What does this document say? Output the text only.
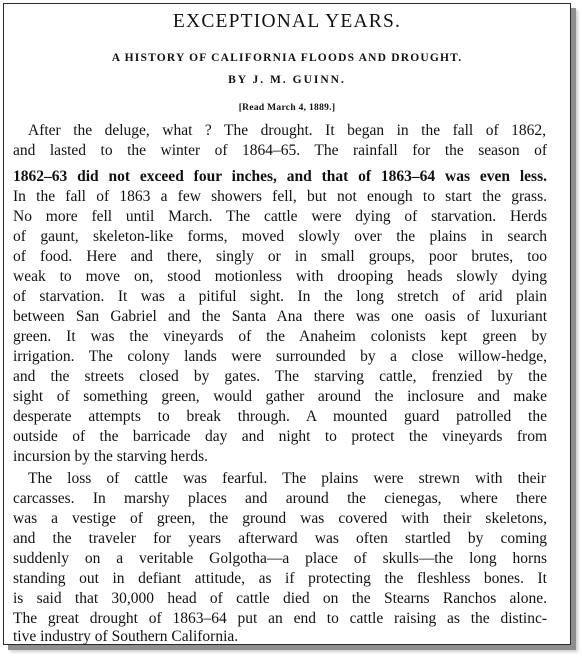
EXCEPTIONAL YEARS.
A HISTORY OF CALIFORNIA FLOODS AND DROUGHT.
BY J. M. GUINN.
[Read March 4, 1889.]
After the deluge, what ? The drought. It began in the fall of 1862,
and lasted to the winter of 1864–65. The rainfall for the season of
1862–63 did not exceed four inches, and that of 1863–64 was even less.
In the fall of 1863 a few showers fell, but not enough to start the grass.
No more fell until March. The cattle were dying of starvation. Herds
of gaunt, skeleton-like forms, moved slowly over the plains in search
of food. Here and there, singly or in small groups, poor brutes, too
weak to move on, stood motionless with drooping heads slowly dying
of starvation. It was a pitiful sight. In the long stretch of arid plain
between San Gabriel and the Santa Ana there was one oasis of luxuriant
green. It was the vineyards of the Anaheim colonists kept green by
irrigation. The colony lands were surrounded by a close willow-hedge,
and the streets closed by gates. The starving cattle, frenzied by the
sight of something green, would gather around the inclosure and make
desperate attempts to break through. A mounted guard patrolled the
outside of the barricade day and night to protect the vineyards from
incursion by the starving herds.
The loss of cattle was fearful. The plains were strewn with their
carcasses. In marshy places and around the cienegas, where there
was a vestige of green, the ground was covered with their skeletons,
and the traveler for years afterward was often startled by coming
suddenly on a veritable Golgotha—a place of skulls—the long horns
standing out in defiant attitude, as if protecting the fleshless bones. It
is said that 30,000 head of cattle died on the Stearns Ranchos alone.
The great drought of 1863–64 put an end to cattle raising as the distinc-
tive industry of Southern California.
